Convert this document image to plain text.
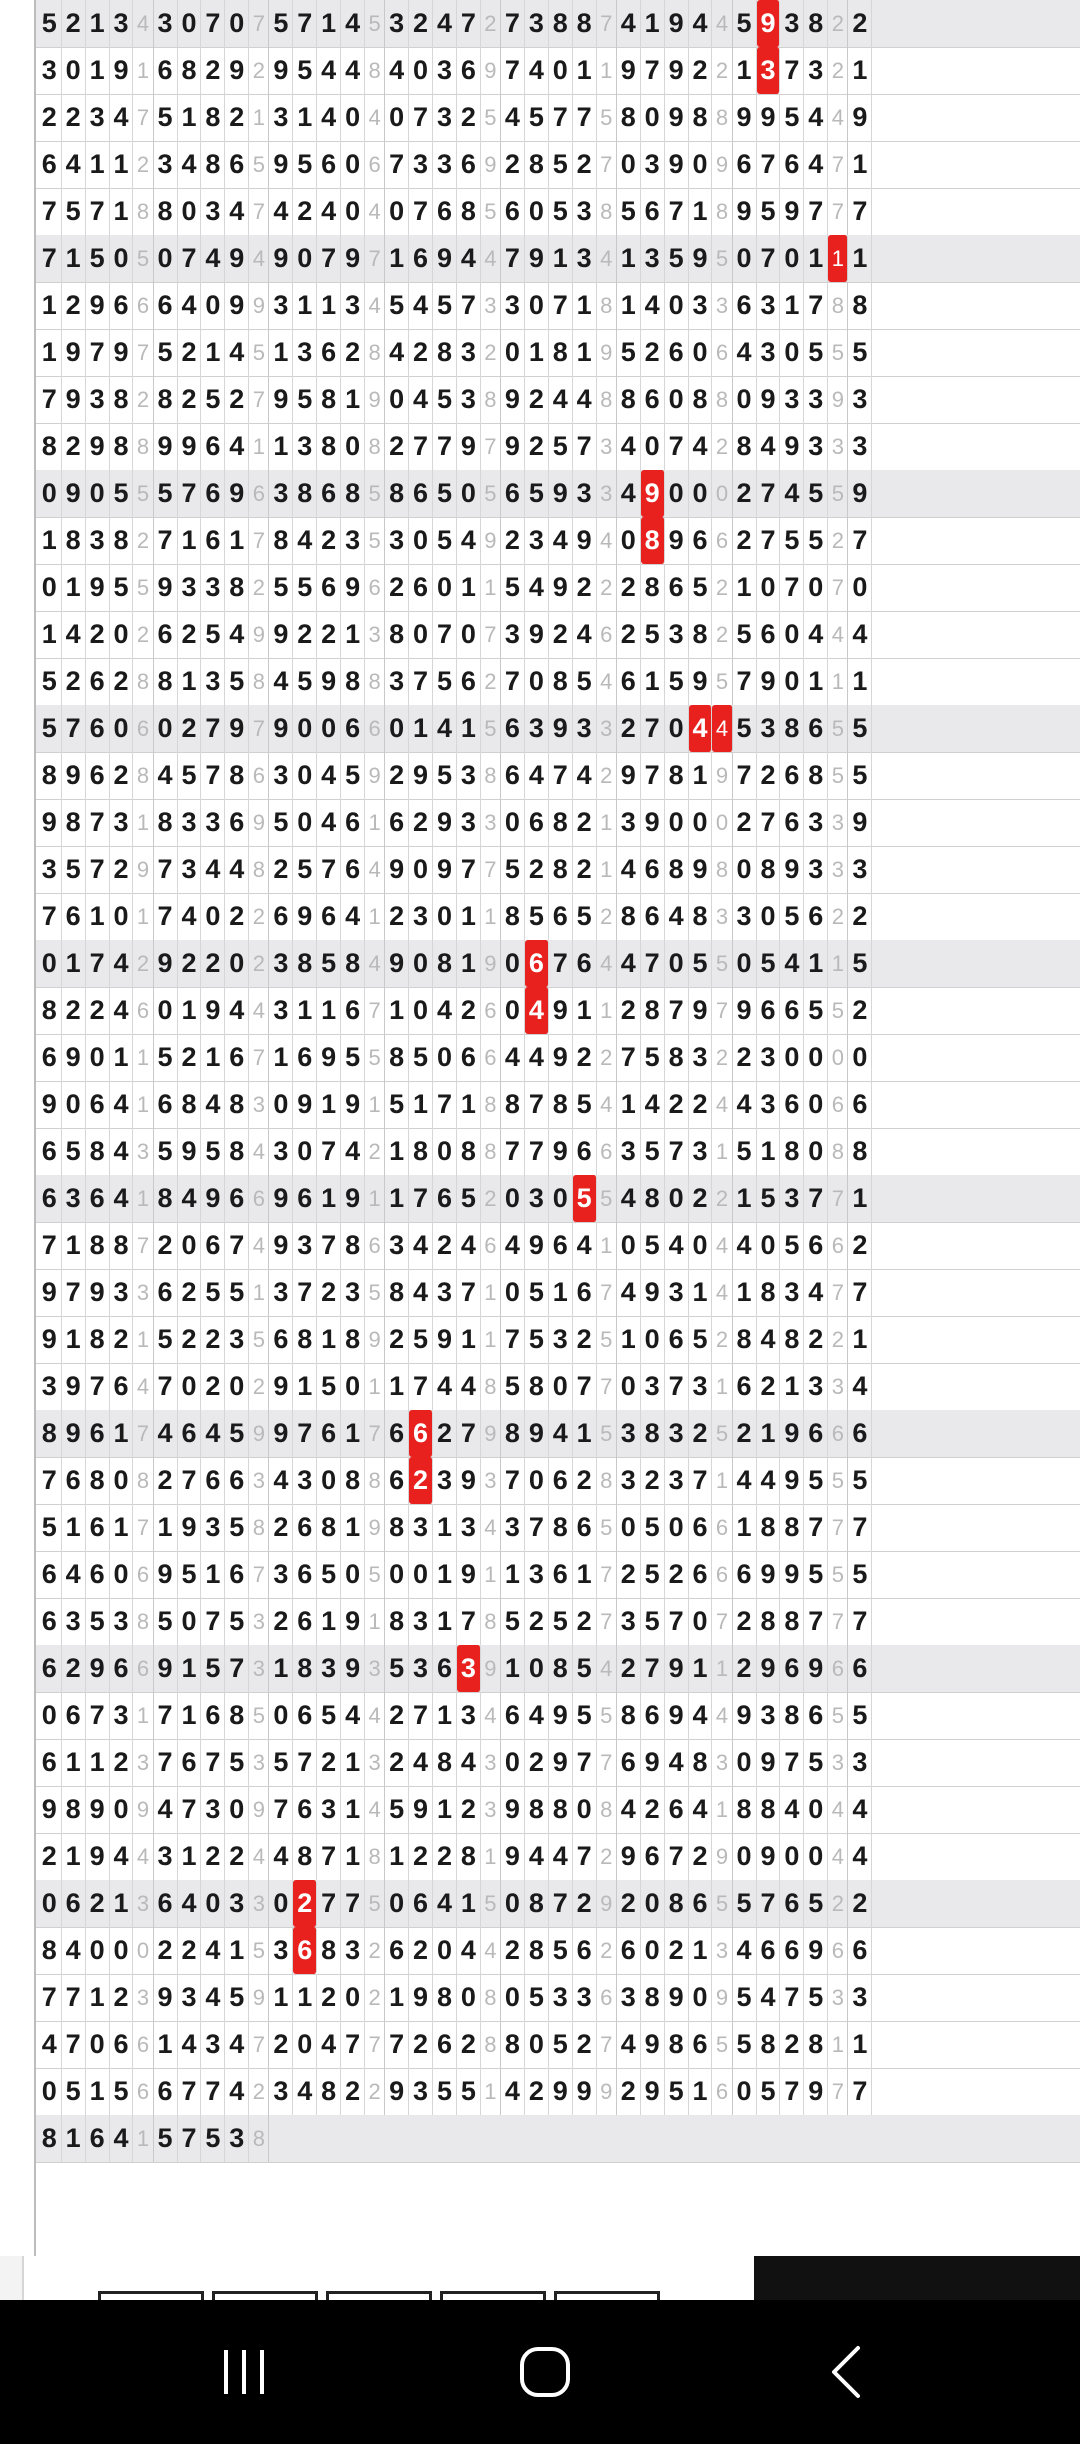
5 2 1 3 4 3 0 7 0 7 5 7 1 4 5 3 2 4 7 2 7 3 8 8 7 4 1 9 4 4 5 9 3 8 2 2
3 0 1 9 1 6 8 2 9 2 9 5 4 4 8 4 0 3 6 9 7 4 0 1 1 9 7 9 2 2 1 3 7 3 2 1
2 2 3 4 7 5 1 8 2 1 3 1 4 0 4 0 7 3 2 5 4 5 7 7 5 8 0 9 8 8 9 9 5 4 4 9
6 4 1 1 2 3 4 8 6 5 9 5 6 0 6 7 3 3 6 9 2 8 5 2 7 0 3 9 0 9 6 7 6 4 7 1
7 5 7 1 8 8 0 3 4 7 4 2 4 0 4 0 7 6 8 5 6 0 5 3 8 5 6 7 1 8 9 5 9 7 7 7
7 1 5 0 5 0 7 4 9 4 9 0 7 9 7 1 6 9 4 4 7 9 1 3 4 1 3 5 9 5 0 7 0 1 1 1
1 2 9 6 6 6 4 0 9 9 3 1 1 3 4 5 4 5 7 3 3 0 7 1 8 1 4 0 3 3 6 3 1 7 8 8
1 9 7 9 7 5 2 1 4 5 1 3 6 2 8 4 2 8 3 2 0 1 8 1 9 5 2 6 0 6 4 3 0 5 5 5
7 9 3 8 2 8 2 5 2 7 9 5 8 1 9 0 4 5 3 8 9 2 4 4 8 8 6 0 8 8 0 9 3 3 9 3
8 2 9 8 8 9 9 6 4 1 1 3 8 0 8 2 7 7 9 7 9 2 5 7 3 4 0 7 4 2 8 4 9 3 3 3
0 9 0 5 5 5 7 6 9 6 3 8 6 8 5 8 6 5 0 5 6 5 9 3 3 4 9 0 0 0 2 7 4 5 5 9
1 8 3 8 2 7 1 6 1 7 8 4 2 3 5 3 0 5 4 9 2 3 4 9 4 0 8 9 6 6 2 7 5 5 2 7
0 1 9 5 5 9 3 3 8 2 5 5 6 9 6 2 6 0 1 1 5 4 9 2 2 2 8 6 5 2 1 0 7 0 7 0
1 4 2 0 2 6 2 5 4 9 9 2 2 1 3 8 0 7 0 7 3 9 2 4 6 2 5 3 8 2 5 6 0 4 4 4
5 2 6 2 8 8 1 3 5 8 4 5 9 8 8 3 7 5 6 2 7 0 8 5 4 6 1 5 9 5 7 9 0 1 1 1
5 7 6 0 6 0 2 7 9 7 9 0 0 6 6 0 1 4 1 5 6 3 9 3 3 2 7 0 4 4 5 3 8 6 5 5
8 9 6 2 8 4 5 7 8 6 3 0 4 5 9 2 9 5 3 8 6 4 7 4 2 9 7 8 1 9 7 2 6 8 5 5
9 8 7 3 1 8 3 3 6 9 5 0 4 6 1 6 2 9 3 3 0 6 8 2 1 3 9 0 0 0 2 7 6 3 3 9
3 5 7 2 9 7 3 4 4 8 2 5 7 6 4 9 0 9 7 7 5 2 8 2 1 4 6 8 9 8 0 8 9 3 3 3
7 6 1 0 1 7 4 0 2 2 6 9 6 4 1 2 3 0 1 1 8 5 6 5 2 8 6 4 8 3 3 0 5 6 2 2
0 1 7 4 2 9 2 2 0 2 3 8 5 8 4 9 0 8 1 9 0 6 7 6 4 4 7 0 5 5 0 5 4 1 1 5
8 2 2 4 6 0 1 9 4 4 3 1 1 6 7 1 0 4 2 6 0 4 9 1 1 2 8 7 9 7 9 6 6 5 5 2
6 9 0 1 1 5 2 1 6 7 1 6 9 5 5 8 5 0 6 6 4 4 9 2 2 7 5 8 3 2 2 3 0 0 0 0
9 0 6 4 1 6 8 4 8 3 0 9 1 9 1 5 1 7 1 8 8 7 8 5 4 1 4 2 2 4 4 3 6 0 6 6
6 5 8 4 3 5 9 5 8 4 3 0 7 4 2 1 8 0 8 8 7 7 9 6 6 3 5 7 3 1 5 1 8 0 8 8
6 3 6 4 1 8 4 9 6 6 9 6 1 9 1 1 7 6 5 2 0 3 0 5 5 4 8 0 2 2 1 5 3 7 7 1
7 1 8 8 7 2 0 6 7 4 9 3 7 8 6 3 4 2 4 6 4 9 6 4 1 0 5 4 0 4 4 0 5 6 6 2
9 7 9 3 3 6 2 5 5 1 3 7 2 3 5 8 4 3 7 1 0 5 1 6 7 4 9 3 1 4 1 8 3 4 7 7
9 1 8 2 1 5 2 2 3 5 6 8 1 8 9 2 5 9 1 1 7 5 3 2 5 1 0 6 5 2 8 4 8 2 2 1
3 9 7 6 4 7 0 2 0 2 9 1 5 0 1 1 7 4 4 8 5 8 0 7 7 0 3 7 3 1 6 2 1 3 3 4
8 9 6 1 7 4 6 4 5 9 9 7 6 1 7 6 6 2 7 9 8 9 4 1 5 3 8 3 2 5 2 1 9 6 6 6
7 6 8 0 8 2 7 6 6 3 4 3 0 8 8 6 2 3 9 3 7 0 6 2 8 3 2 3 7 1 4 4 9 5 5 5
5 1 6 1 7 1 9 3 5 8 2 6 8 1 9 8 3 1 3 4 3 7 8 6 5 0 5 0 6 6 1 8 8 7 7 7
6 4 6 0 6 9 5 1 6 7 3 6 5 0 5 0 0 1 9 1 1 3 6 1 7 2 5 2 6 6 6 9 9 5 5 5
6 3 5 3 8 5 0 7 5 3 2 6 1 9 1 8 3 1 7 8 5 2 5 2 7 3 5 7 0 7 2 8 8 7 7 7
6 2 9 6 6 9 1 5 7 3 1 8 3 9 3 5 3 6 3 9 1 0 8 5 4 2 7 9 1 1 2 9 6 9 6 6
0 6 7 3 1 7 1 6 8 5 0 6 5 4 4 2 7 1 3 4 6 4 9 5 5 8 6 9 4 4 9 3 8 6 5 5
6 1 1 2 3 7 6 7 5 3 5 7 2 1 3 2 4 8 4 3 0 2 9 7 7 6 9 4 8 3 0 9 7 5 3 3
9 8 9 0 9 4 7 3 0 9 7 6 3 1 4 5 9 1 2 3 9 8 8 0 8 4 2 6 4 1 8 8 4 0 4 4
2 1 9 4 4 3 1 2 2 4 4 8 7 1 8 1 2 2 8 1 9 4 4 7 2 9 6 7 2 9 0 9 0 0 4 4
0 6 2 1 3 6 4 0 3 3 0 2 7 7 5 0 6 4 1 5 0 8 7 2 9 2 0 8 6 5 5 7 6 5 2 2
8 4 0 0 0 2 2 4 1 5 3 6 8 3 2 6 2 0 4 4 2 8 5 6 2 6 0 2 1 3 4 6 6 9 6 6
7 7 1 2 3 9 3 4 5 9 1 1 2 0 2 1 9 8 0 8 0 5 3 3 6 3 8 9 0 9 5 4 7 5 3 3
4 7 0 6 6 1 4 3 4 7 2 0 4 7 7 7 2 6 2 8 8 0 5 2 7 4 9 8 6 5 5 8 2 8 1 1
0 5 1 5 6 6 7 7 4 2 3 4 8 2 2 9 3 5 5 1 4 2 9 9 9 2 9 5 1 6 0 5 7 9 7 7
8 1 6 4 1 5 7 5 3 8
